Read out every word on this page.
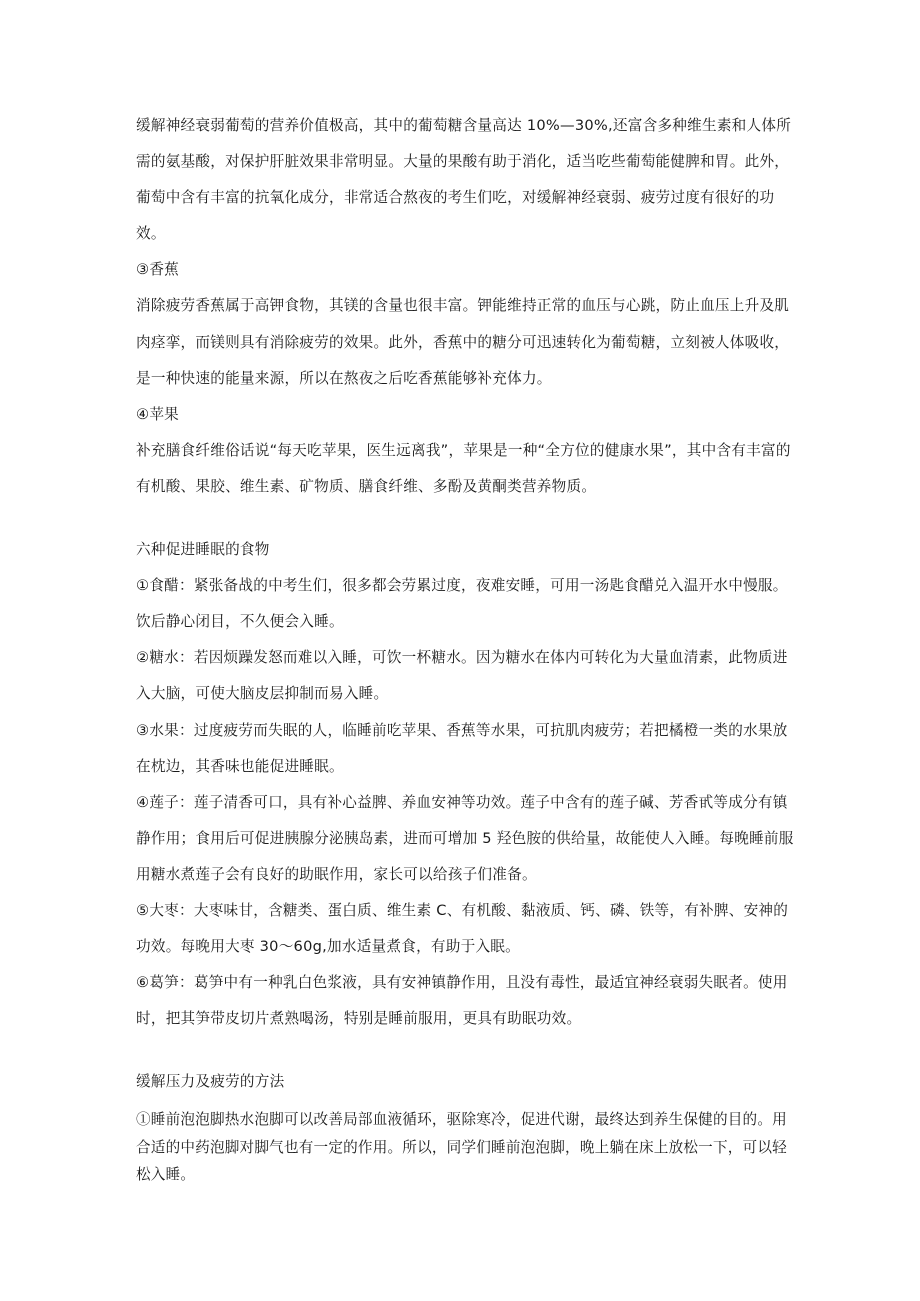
缓解神经衰弱葡萄的营养价值极高，其中的葡萄糖含量高达 10%—30%,还富含多种维生素和人体所需的氨基酸，对保护肝脏效果非常明显。大量的果酸有助于消化，适当吃些葡萄能健脾和胃。此外，葡萄中含有丰富的抗氧化成分，非常适合熬夜的考生们吃，对缓解神经衰弱、疲劳过度有很好的功效。

③香蕉

消除疲劳香蕉属于高钾食物，其镁的含量也很丰富。钾能维持正常的血压与心跳，防止血压上升及肌肉痉挛，而镁则具有消除疲劳的效果。此外，香蕉中的糖分可迅速转化为葡萄糖，立刻被人体吸收，是一种快速的能量来源，所以在熬夜之后吃香蕉能够补充体力。

④苹果

补充膳食纤维俗话说“每天吃苹果，医生远离我”，苹果是一种“全方位的健康水果”，其中含有丰富的有机酸、果胶、维生素、矿物质、膳食纤维、多酚及黄酮类营养物质。

六种促进睡眠的食物

①食醋：紧张备战的中考生们，很多都会劳累过度，夜难安睡，可用一汤匙食醋兑入温开水中慢服。饮后静心闭目，不久便会入睡。

②糖水：若因烦躁发怒而难以入睡，可饮一杯糖水。因为糖水在体内可转化为大量血清素，此物质进入大脑，可使大脑皮层抑制而易入睡。

③水果：过度疲劳而失眠的人，临睡前吃苹果、香蕉等水果，可抗肌肉疲劳；若把橘橙一类的水果放在枕边，其香味也能促进睡眠。

④莲子：莲子清香可口，具有补心益脾、养血安神等功效。莲子中含有的莲子碱、芳香甙等成分有镇静作用；食用后可促进胰腺分泌胰岛素，进而可增加 5 羟色胺的供给量，故能使人入睡。每晚睡前服用糖水煮莲子会有良好的助眠作用，家长可以给孩子们准备。

⑤大枣：大枣味甘，含糖类、蛋白质、维生素 C、有机酸、黏液质、钙、磷、铁等，有补脾、安神的功效。每晚用大枣 30～60g,加水适量煮食，有助于入眠。

⑥葛笋：葛笋中有一种乳白色浆液，具有安神镇静作用，且没有毒性，最适宜神经衰弱失眠者。使用时，把其笋带皮切片煮熟喝汤，特别是睡前服用，更具有助眠功效。

缓解压力及疲劳的方法

①睡前泡泡脚热水泡脚可以改善局部血液循环，驱除寒冷，促进代谢，最终达到养生保健的目的。用合适的中药泡脚对脚气也有一定的作用。所以，同学们睡前泡泡脚，晚上躺在床上放松一下，可以轻松入睡。
